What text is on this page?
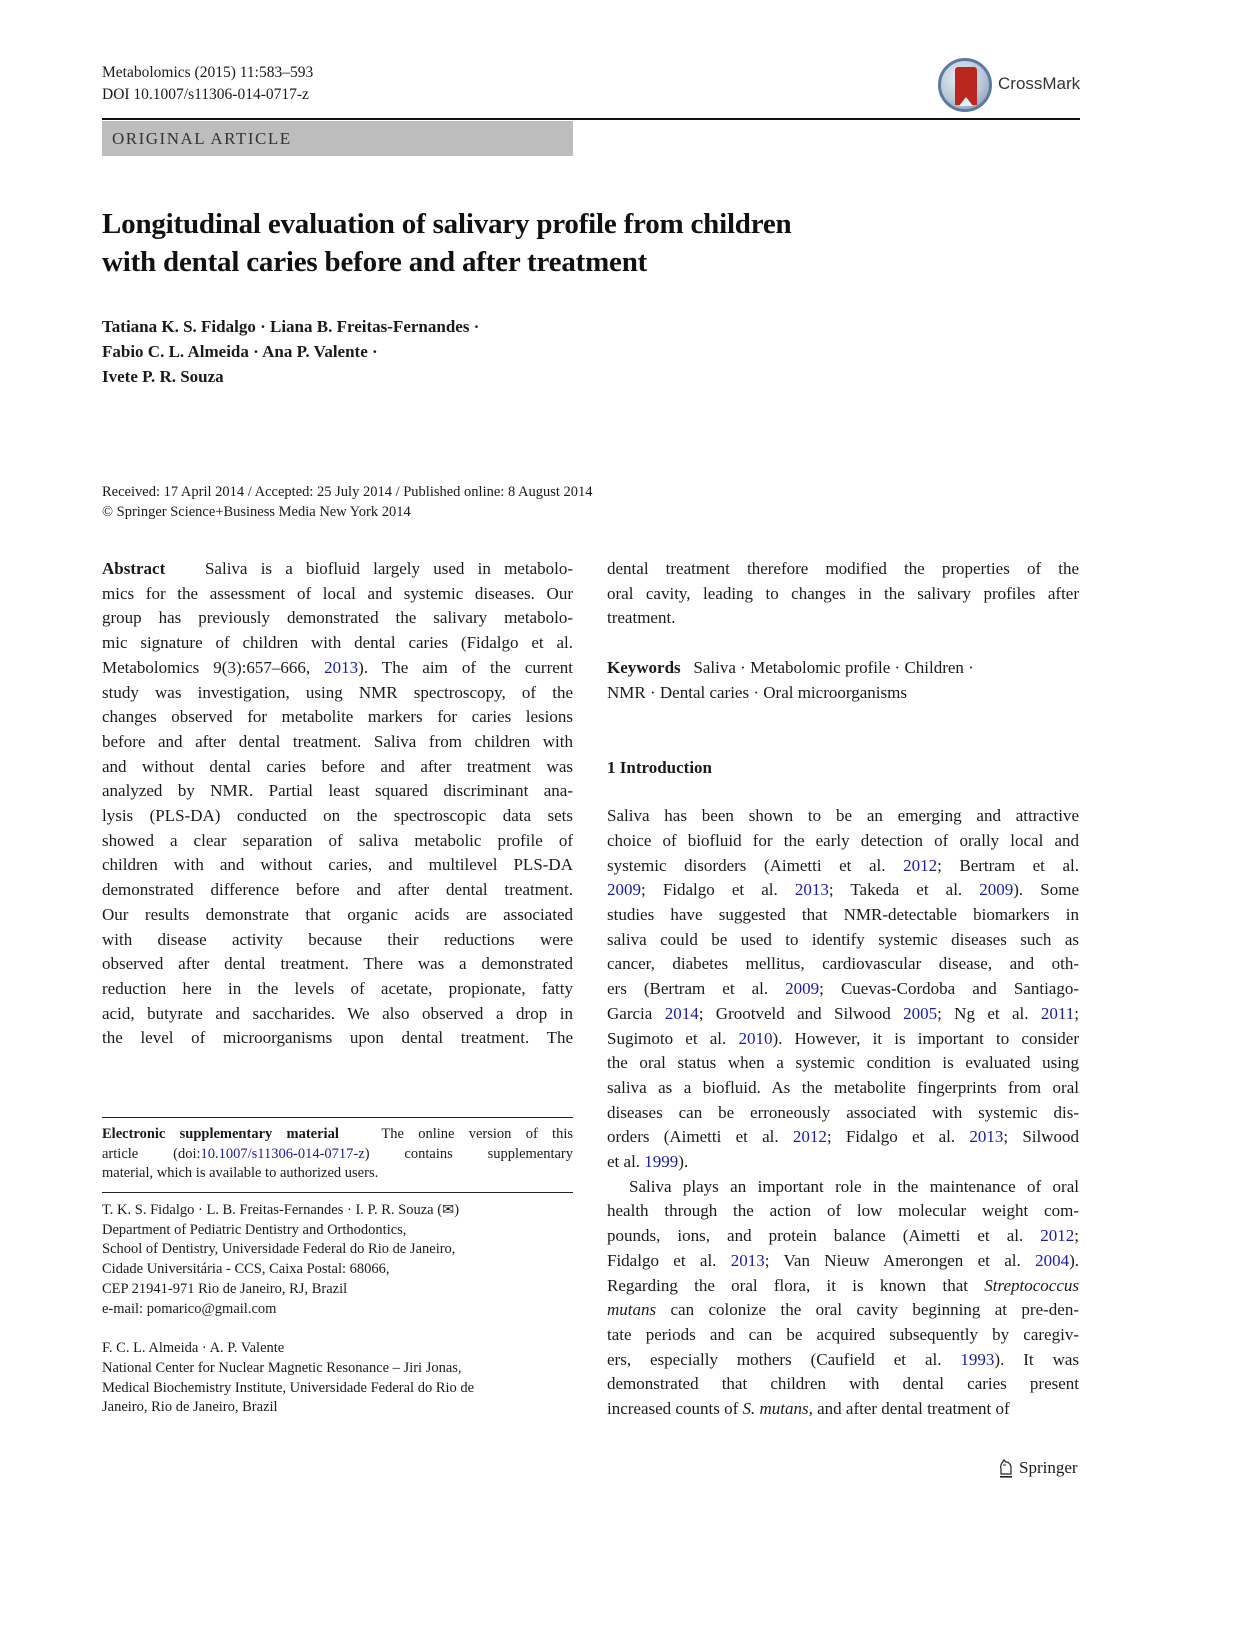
Metabolomics (2015) 11:583–593
DOI 10.1007/s11306-014-0717-z
CrossMark
ORIGINAL ARTICLE
Longitudinal evaluation of salivary profile from children
with dental caries before and after treatment
Tatiana K. S. Fidalgo · Liana B. Freitas-Fernandes ·
Fabio C. L. Almeida · Ana P. Valente ·
Ivete P. R. Souza
Received: 17 April 2014 / Accepted: 25 July 2014 / Published online: 8 August 2014
© Springer Science+Business Media New York 2014
Abstract Saliva is a biofluid largely used in metabolo-
mics for the assessment of local and systemic diseases. Our
group has previously demonstrated the salivary metabolo-
mic signature of children with dental caries (Fidalgo et al.
Metabolomics 9(3):657–666, 2013). The aim of the current
study was investigation, using NMR spectroscopy, of the
changes observed for metabolite markers for caries lesions
before and after dental treatment. Saliva from children with
and without dental caries before and after treatment was
analyzed by NMR. Partial least squared discriminant ana-
lysis (PLS-DA) conducted on the spectroscopic data sets
showed a clear separation of saliva metabolic profile of
children with and without caries, and multilevel PLS-DA
demonstrated difference before and after dental treatment.
Our results demonstrate that organic acids are associated
with disease activity because their reductions were
observed after dental treatment. There was a demonstrated
reduction here in the levels of acetate, propionate, fatty
acid, butyrate and saccharides. We also observed a drop in
the level of microorganisms upon dental treatment. The
Electronic supplementary material	The online version of this
article (doi:10.1007/s11306-014-0717-z) contains supplementary
material, which is available to authorized users.
T. K. S. Fidalgo · L. B. Freitas-Fernandes · I. P. R. Souza (✉)
Department of Pediatric Dentistry and Orthodontics,
School of Dentistry, Universidade Federal do Rio de Janeiro,
Cidade Universitária - CCS, Caixa Postal: 68066,
CEP 21941-971 Rio de Janeiro, RJ, Brazil
e-mail: pomarico@gmail.com
F. C. L. Almeida · A. P. Valente
National Center for Nuclear Magnetic Resonance – Jiri Jonas,
Medical Biochemistry Institute, Universidade Federal do Rio de
Janeiro, Rio de Janeiro, Brazil
dental treatment therefore modified the properties of the
oral cavity, leading to changes in the salivary profiles after
treatment.
Keywords Saliva · Metabolomic profile · Children ·
NMR · Dental caries · Oral microorganisms
1 Introduction
Saliva has been shown to be an emerging and attractive
choice of biofluid for the early detection of orally local and
systemic disorders (Aimetti et al. 2012; Bertram et al.
2009; Fidalgo et al. 2013; Takeda et al. 2009). Some
studies have suggested that NMR-detectable biomarkers in
saliva could be used to identify systemic diseases such as
cancer, diabetes mellitus, cardiovascular disease, and oth-
ers (Bertram et al. 2009; Cuevas-Cordoba and Santiago-
Garcia 2014; Grootveld and Silwood 2005; Ng et al. 2011;
Sugimoto et al. 2010). However, it is important to consider
the oral status when a systemic condition is evaluated using
saliva as a biofluid. As the metabolite fingerprints from oral
diseases can be erroneously associated with systemic dis-
orders (Aimetti et al. 2012; Fidalgo et al. 2013; Silwood
et al. 1999).
Saliva plays an important role in the maintenance of oral
health through the action of low molecular weight com-
pounds, ions, and protein balance (Aimetti et al. 2012;
Fidalgo et al. 2013; Van Nieuw Amerongen et al. 2004).
Regarding the oral flora, it is known that Streptococcus
mutans can colonize the oral cavity beginning at pre-den-
tate periods and can be acquired subsequently by caregiv-
ers, especially mothers (Caufield et al. 1993). It was
demonstrated that children with dental caries present
increased counts of S. mutans, and after dental treatment of
Springer
